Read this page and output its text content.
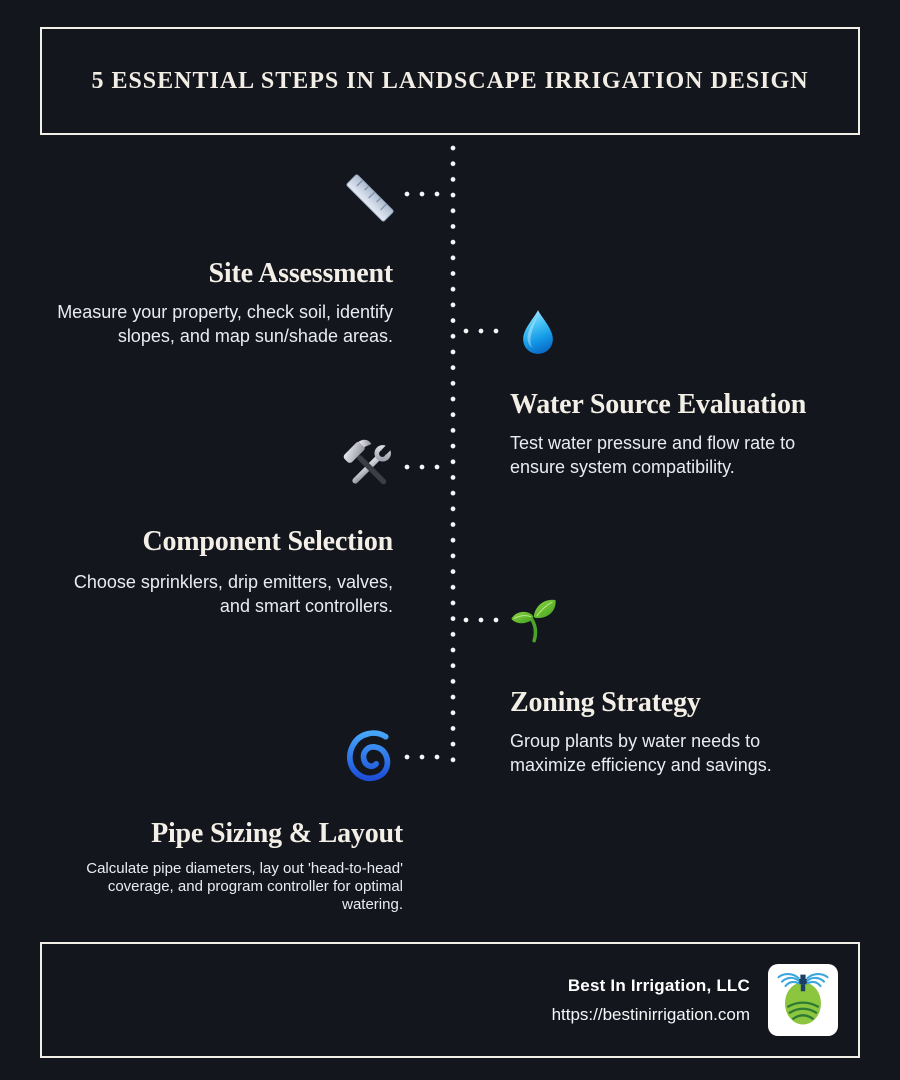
5 ESSENTIAL STEPS IN LANDSCAPE IRRIGATION DESIGN
Site Assessment
Measure your property, check soil, identify slopes, and map sun/shade areas.
Water Source Evaluation
Test water pressure and flow rate to ensure system compatibility.
Component Selection
Choose sprinklers, drip emitters, valves, and smart controllers.
Zoning Strategy
Group plants by water needs to maximize efficiency and savings.
Pipe Sizing & Layout
Calculate pipe diameters, lay out 'head-to-head' coverage, and program controller for optimal watering.
Best In Irrigation, LLC
https://bestinirrigation.com
